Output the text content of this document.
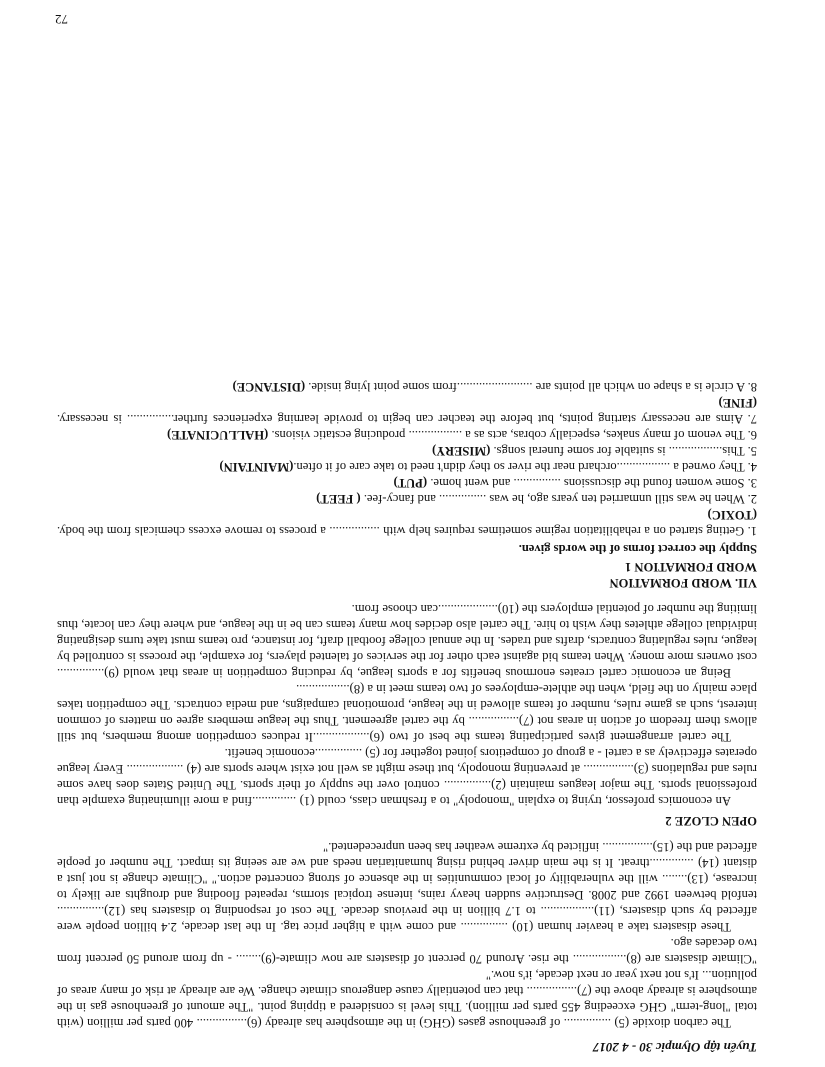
Tuyển tập Olympic 30 - 4 2017

The carbon dioxide (5) ............... of greenhouse gases (GHG) in the atmosphere has already (6)................ 400 parts per million (with total "long-term" GHG exceeding 455 parts per million). This level is considered a tipping point. "The amount of greenhouse gas in the atmosphere is already above the (7)................ that can potentially cause dangerous climate change. We are already at risk of many areas of pollution... It's not next year or next decade, it's now."

"Climate disasters are (8)................. the rise. Around 70 percent of disasters are now climate-(9)........ - up from around 50 percent from two decades ago.

These disasters take a heavier human (10) ............... and come with a higher price tag. In the last decade, 2.4 billion people were affected by such disasters, (11)................. to 1.7 billion in the previous decade. The cost of responding to disasters has (12)............... tenfold between 1992 and 2008. Destructive sudden heavy rains, intense tropical storms, repeated flooding and droughts are likely to increase, (13)........ will the vulnerability of local communities in the absence of strong concerted action." "Climate change is not just a distant (14) ..............threat. It is the main driver behind rising humanitarian needs and we are seeing its impact. The number of people affected and the (15)................ inflicted by extreme weather has been unprecedented."

OPEN CLOZE 2

An economics professor, trying to explain "monopoly" to a freshman class, could (1) ..............find a more illuminating example than professional sports. The major leagues maintain (2)............... control over the supply of their sports. The United States does have some rules and regulations (3)................ at preventing monopoly, but these might as well not exist where sports are (4) .................. Every league operates effectively as a cartel - a group of competitors joined together for (5) ...............economic benefit.

The cartel arrangement gives participating teams the best of two (6)..................It reduces competition among members, but still allows them freedom of action in areas not (7)................ by the cartel agreement. Thus the league members agree on matters of common interest, such as game rules, number of teams allowed in the league, promotional campaigns, and media contracts. The competition takes place mainly on the field, when the athlete-employees of two teams meet in a (8).................

Being an economic cartel creates enormous benefits for a sports league, by reducing competition in areas that would (9)............... cost owners more money. When teams bid against each other for the services of talented players, for example, the process is controlled by league, rules regulating contracts, drafts and trades. In the annual college football draft, for instance, pro teams must take turns designating individual college athletes they wish to hire. The cartel also decides how many teams can be in the league, and where they can locate, thus limiting the number of potential employers the (10)...................can choose from.

VII. WORD FORMATION
WORD FORMATION 1
Supply the correct forms of the words given.

1. Getting started on a rehabilitation regime sometimes requires help with ................ a process to remove excess chemicals from the body. (TOXIC)

2. When he was still unmarried ten years ago, he was ............... and fancy-fee. ( FEET)

3. Some women found the discussions ............... and went home. (PUT)

4. They owned a .................orchard near the river so they didn't need to take care of it often.(MAINTAIN)

5. This................. is suitable for some funeral songs. (MISERY)

6. The venom of many snakes, especially cobras, acts as a ................. producing ecstatic visions. (HALLUCINATE)

7. Aims are necessary starting points, but before the teacher can begin to provide learning experiences further............... is necessary. (FINE)

8. A circle is a shape on which all points are ........................from some point lying inside. (DISTANCE)

72
